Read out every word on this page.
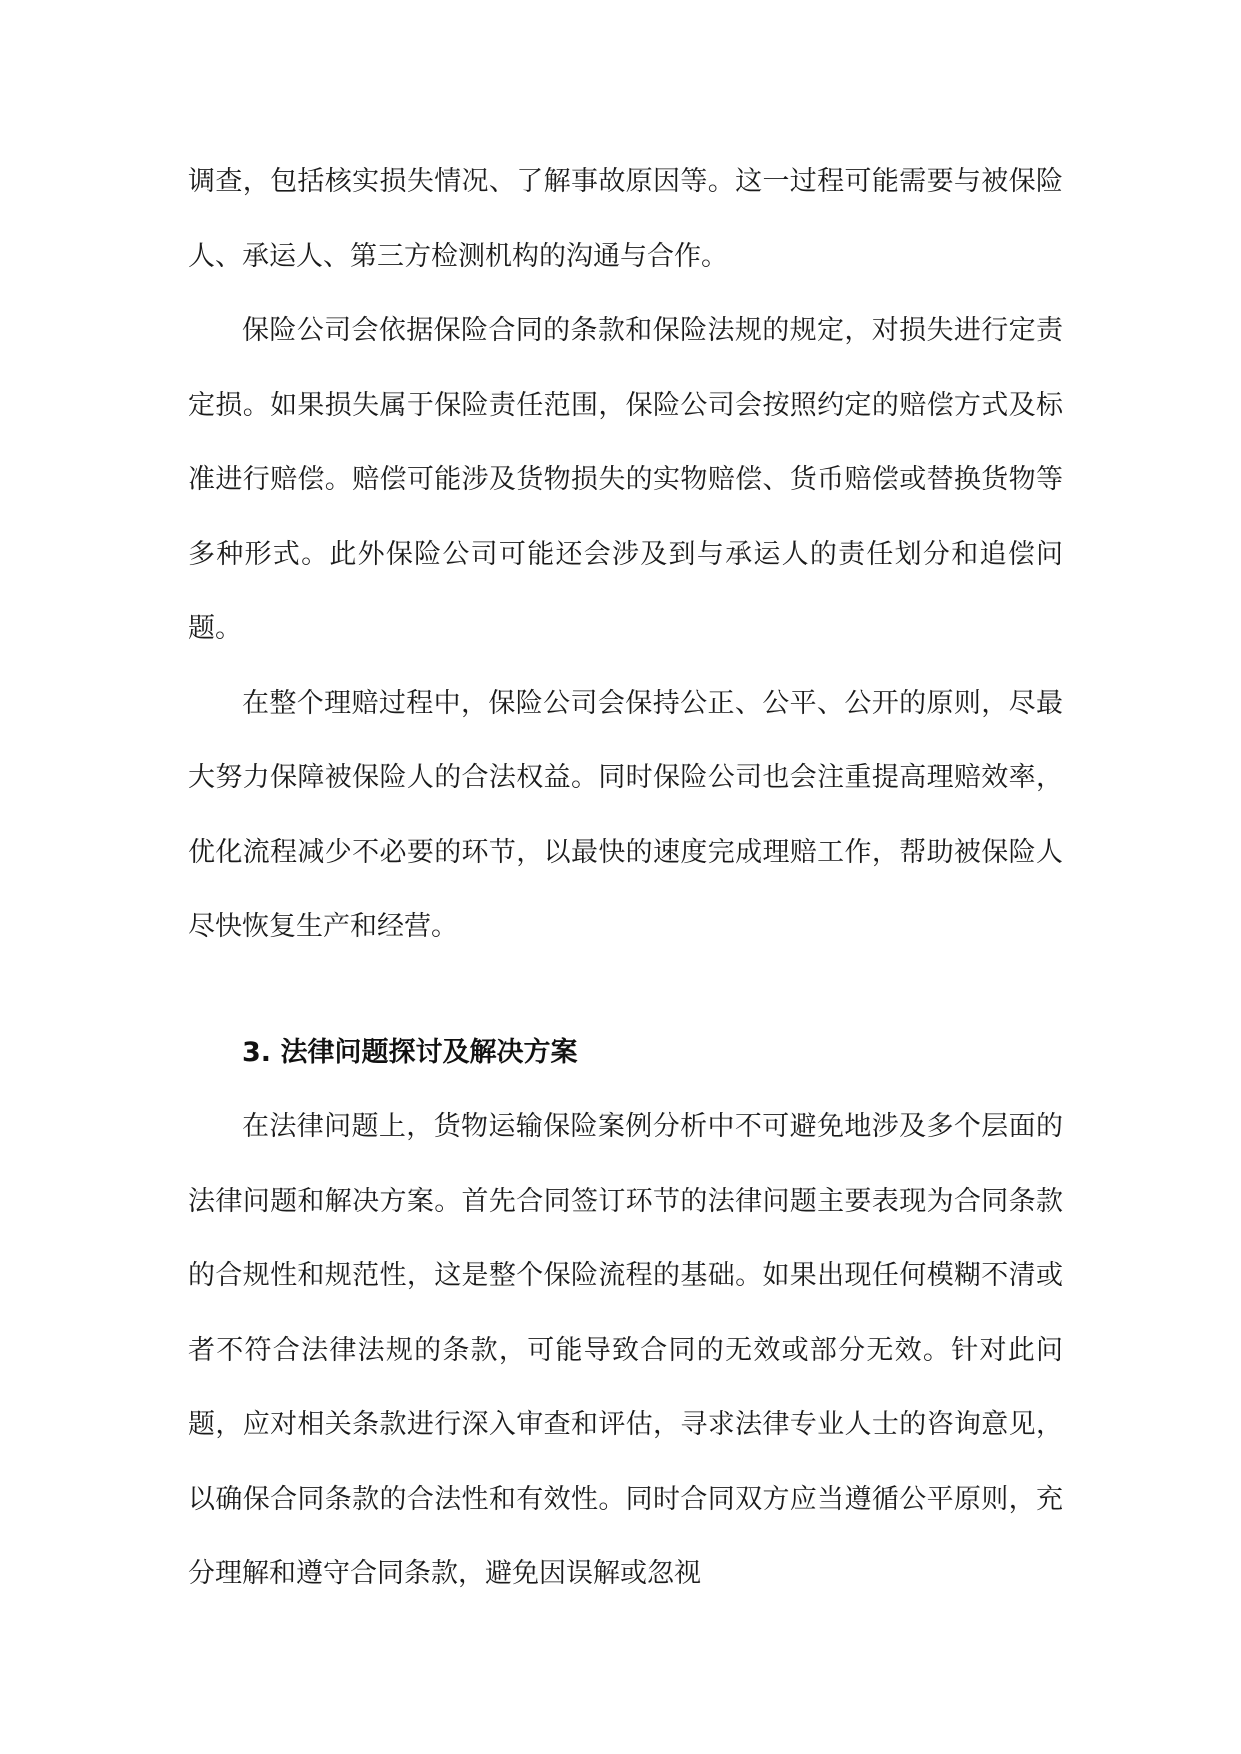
调查，包括核实损失情况、了解事故原因等。这一过程可能需要与被保险人、承运人、第三方检测机构的沟通与合作。

保险公司会依据保险合同的条款和保险法规的规定，对损失进行定责定损。如果损失属于保险责任范围，保险公司会按照约定的赔偿方式及标准进行赔偿。赔偿可能涉及货物损失的实物赔偿、货币赔偿或替换货物等多种形式。此外保险公司可能还会涉及到与承运人的责任划分和追偿问题。

在整个理赔过程中，保险公司会保持公正、公平、公开的原则，尽最大努力保障被保险人的合法权益。同时保险公司也会注重提高理赔效率，优化流程减少不必要的环节，以最快的速度完成理赔工作，帮助被保险人尽快恢复生产和经营。

3. 法律问题探讨及解决方案

在法律问题上，货物运输保险案例分析中不可避免地涉及多个层面的法律问题和解决方案。首先合同签订环节的法律问题主要表现为合同条款的合规性和规范性，这是整个保险流程的基础。如果出现任何模糊不清或者不符合法律法规的条款，可能导致合同的无效或部分无效。针对此问题，应对相关条款进行深入审查和评估，寻求法律专业人士的咨询意见，以确保合同条款的合法性和有效性。同时合同双方应当遵循公平原则，充分理解和遵守合同条款，避免因误解或忽视
